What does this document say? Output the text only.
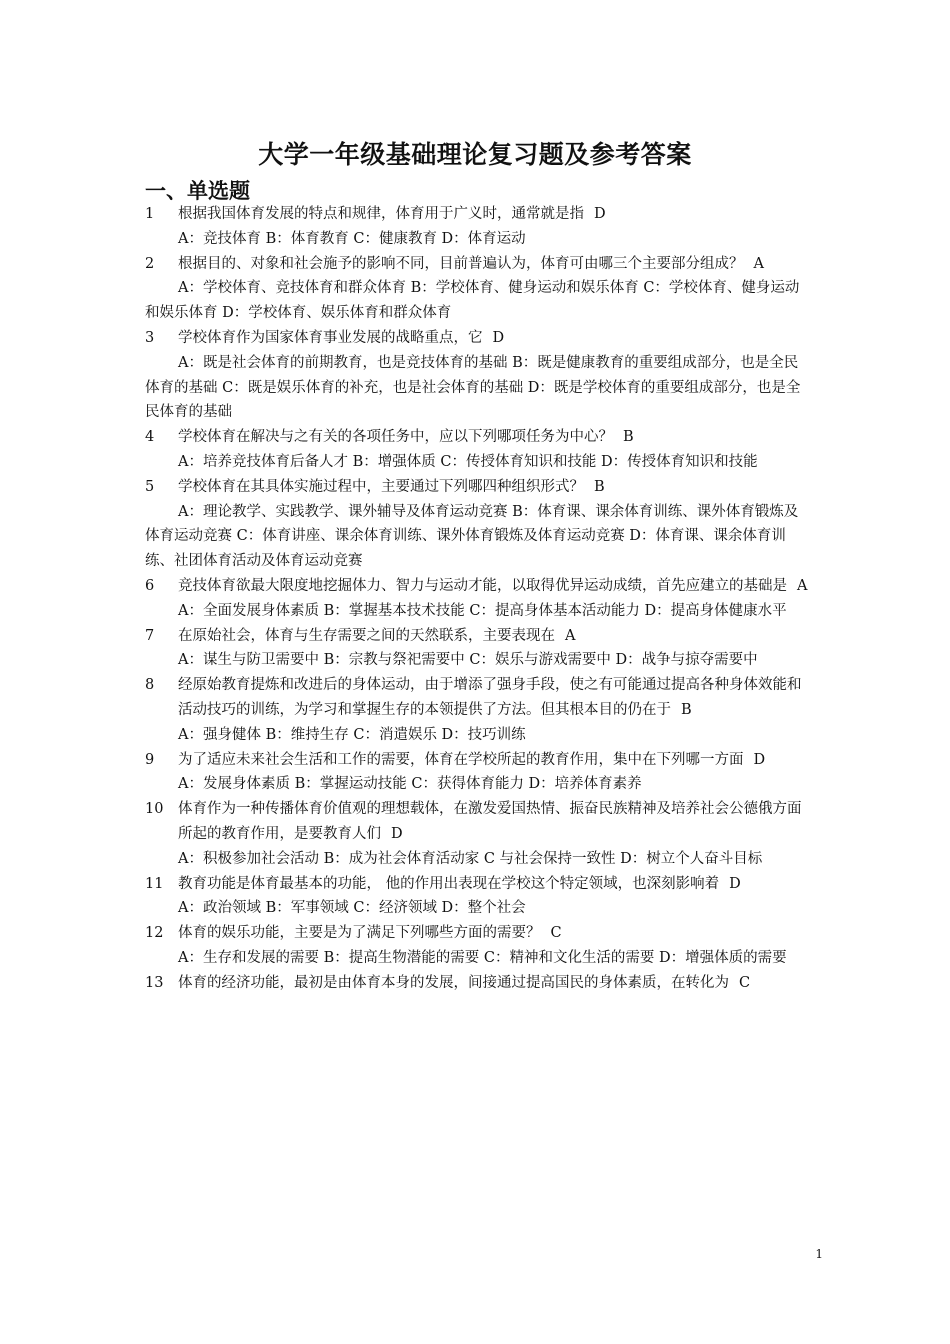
大学一年级基础理论复习题及参考答案
一、单选题

1 根据我国体育发展的特点和规律，体育用于广义时，通常就是指 D

A：竞技体育 B：体育教育 C：健康教育 D：体育运动

2 根据目的、对象和社会施予的影响不同，目前普遍认为，体育可由哪三个主要部分组成？ A

A：学校体育、竞技体育和群众体育 B：学校体育、健身运动和娱乐体育 C：学校体育、健身运动和娱乐体育 D：学校体育、娱乐体育和群众体育

3 学校体育作为国家体育事业发展的战略重点，它 D

A：既是社会体育的前期教育，也是竞技体育的基础 B：既是健康教育的重要组成部分，也是全民体育的基础 C：既是娱乐体育的补充，也是社会体育的基础 D：既是学校体育的重要组成部分，也是全民体育的基础

4 学校体育在解决与之有关的各项任务中，应以下列哪项任务为中心？ B

A：培养竞技体育后备人才 B：增强体质 C：传授体育知识和技能 D：传授体育知识和技能

5 学校体育在其具体实施过程中，主要通过下列哪四种组织形式？ B

A：理论教学、实践教学、课外辅导及体育运动竞赛 B：体育课、课余体育训练、课外体育锻炼及体育运动竞赛 C：体育讲座、课余体育训练、课外体育锻炼及体育运动竞赛 D：体育课、课余体育训练、社团体育活动及体育运动竞赛

6 竞技体育欲最大限度地挖掘体力、智力与运动才能，以取得优异运动成绩，首先应建立的基础是 A

A：全面发展身体素质 B：掌握基本技术技能 C：提高身体基本活动能力 D：提高身体健康水平

7 在原始社会，体育与生存需要之间的天然联系，主要表现在 A

A：谋生与防卫需要中 B：宗教与祭祀需要中 C：娱乐与游戏需要中 D：战争与掠夺需要中

8 经原始教育提炼和改进后的身体运动，由于增添了强身手段，使之有可能通过提高各种身体效能和活动技巧的训练，为学习和掌握生存的本领提供了方法。但其根本目的仍在于 B

A：强身健体 B：维持生存 C：消遣娱乐 D：技巧训练

9 为了适应未来社会生活和工作的需要，体育在学校所起的教育作用，集中在下列哪一方面 D

A：发展身体素质 B：掌握运动技能 C：获得体育能力 D：培养体育素养

10 体育作为一种传播体育价值观的理想载体，在激发爱国热情、振奋民族精神及培养社会公德俄方面所起的教育作用，是要教育人们 D

A：积极参加社会活动 B：成为社会体育活动家 C 与社会保持一致性 D：树立个人奋斗目标

11 教育功能是体育最基本的功能， 他的作用出表现在学校这个特定领域，也深刻影响着 D

A：政治领域 B：军事领域 C：经济领域 D：整个社会

12 体育的娱乐功能，主要是为了满足下列哪些方面的需要？ C

A：生存和发展的需要 B：提高生物潜能的需要 C：精神和文化生活的需要 D：增强体质的需要

13 体育的经济功能，最初是由体育本身的发展，间接通过提高国民的身体素质，在转化为 C

1
